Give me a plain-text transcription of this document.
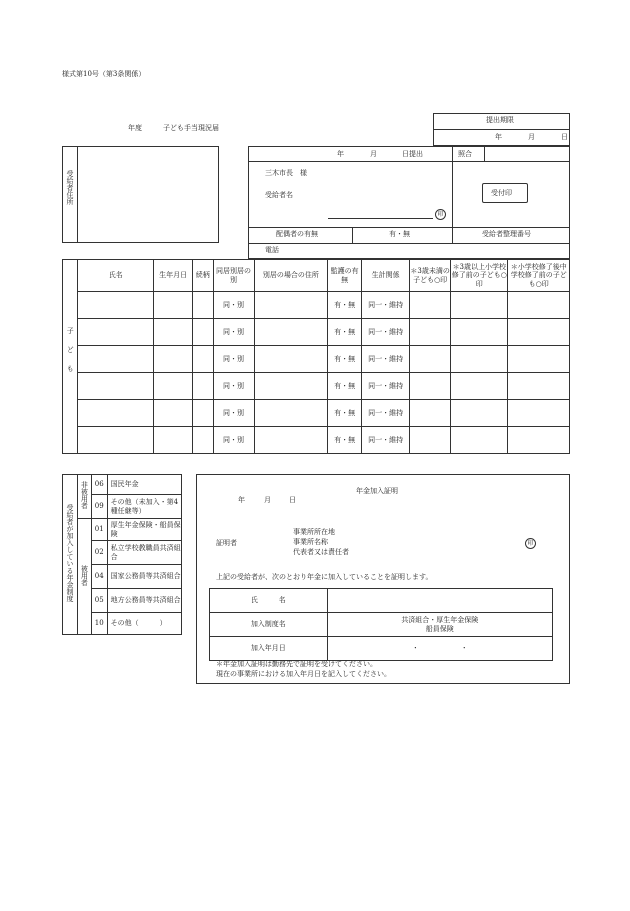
様式第10号（第3条関係）
年度	子ども手当現況届
提出期限
年	月	日
受給者住所
年	月	日提出	照合
三木市長　様
受給者名
印
受付印
配偶者の有無	有・無	受給者整理番号
電話
子ども	氏名	生年月日	続柄	同居別居の別	別居の場合の住所	監護の有無	生計関係	＊3歳未満の子ども○印	＊3歳以上小学校修了前の子ども○印	＊小学校修了後中学校修了前の子ども○印
				同・別		有・無	同一・維持			
				同・別		有・無	同一・維持			
				同・別		有・無	同一・維持			
				同・別		有・無	同一・維持			
				同・別		有・無	同一・維持			
				同・別		有・無	同一・維持			
受給者が加入している年金制度	非被用者	06	国民年金
		09	その他（未加入・第4種任継等）
	被用者	01	厚生年金保険・船員保険
		02	私立学校教職員共済組合
		04	国家公務員等共済組合
		05	地方公務員等共済組合
		10	その他（　　　）
年金加入証明
年	月	日
証明者
事業所所在地
事業所名称
代表者又は責任者
印
上記の受給者が、次のとおり年金に加入していることを証明します。
氏　　　名	
加入制度名	共済組合・厚生年金保険
船員保険

加入年月日	・　　　　　　・
＊年金加入証明は勤務先で証明を受けてください。
現在の事業所における加入年月日を記入してください。
